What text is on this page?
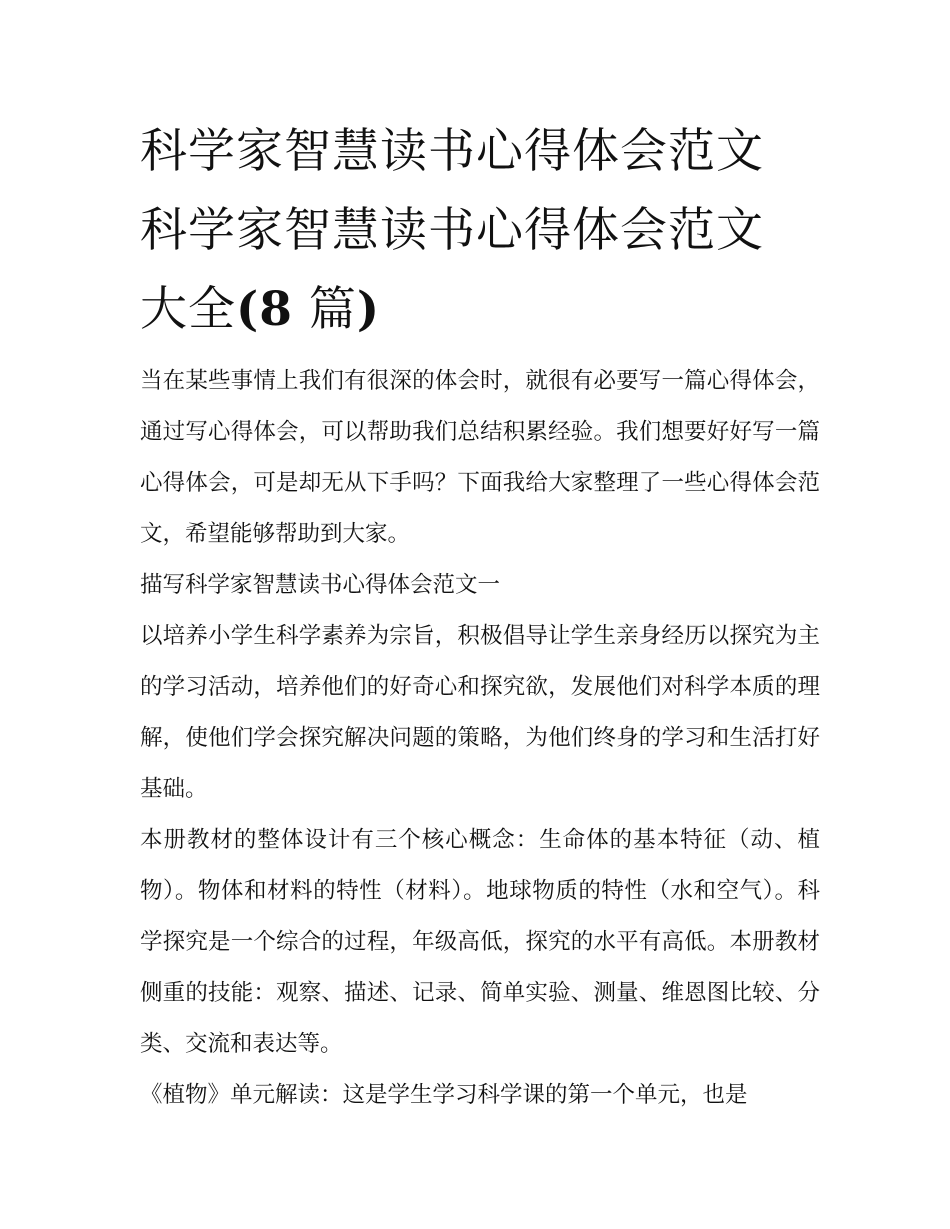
科学家智慧读书心得体会范文
科学家智慧读书心得体会范文
大全(8 篇)

当在某些事情上我们有很深的体会时，就很有必要写一篇心得体会，通过写心得体会，可以帮助我们总结积累经验。我们想要好好写一篇心得体会，可是却无从下手吗？下面我给大家整理了一些心得体会范文，希望能够帮助到大家。

描写科学家智慧读书心得体会范文一

以培养小学生科学素养为宗旨，积极倡导让学生亲身经历以探究为主的学习活动，培养他们的好奇心和探究欲，发展他们对科学本质的理解，使他们学会探究解决问题的策略，为他们终身的学习和生活打好基础。

本册教材的整体设计有三个核心概念：生命体的基本特征（动、植物）。物体和材料的特性（材料）。地球物质的特性（水和空气）。科学探究是一个综合的过程，年级高低，探究的水平有高低。本册教材侧重的技能：观察、描述、记录、简单实验、测量、维恩图比较、分类、交流和表达等。

《植物》单元解读：这是学生学习科学课的第一个单元，也是
